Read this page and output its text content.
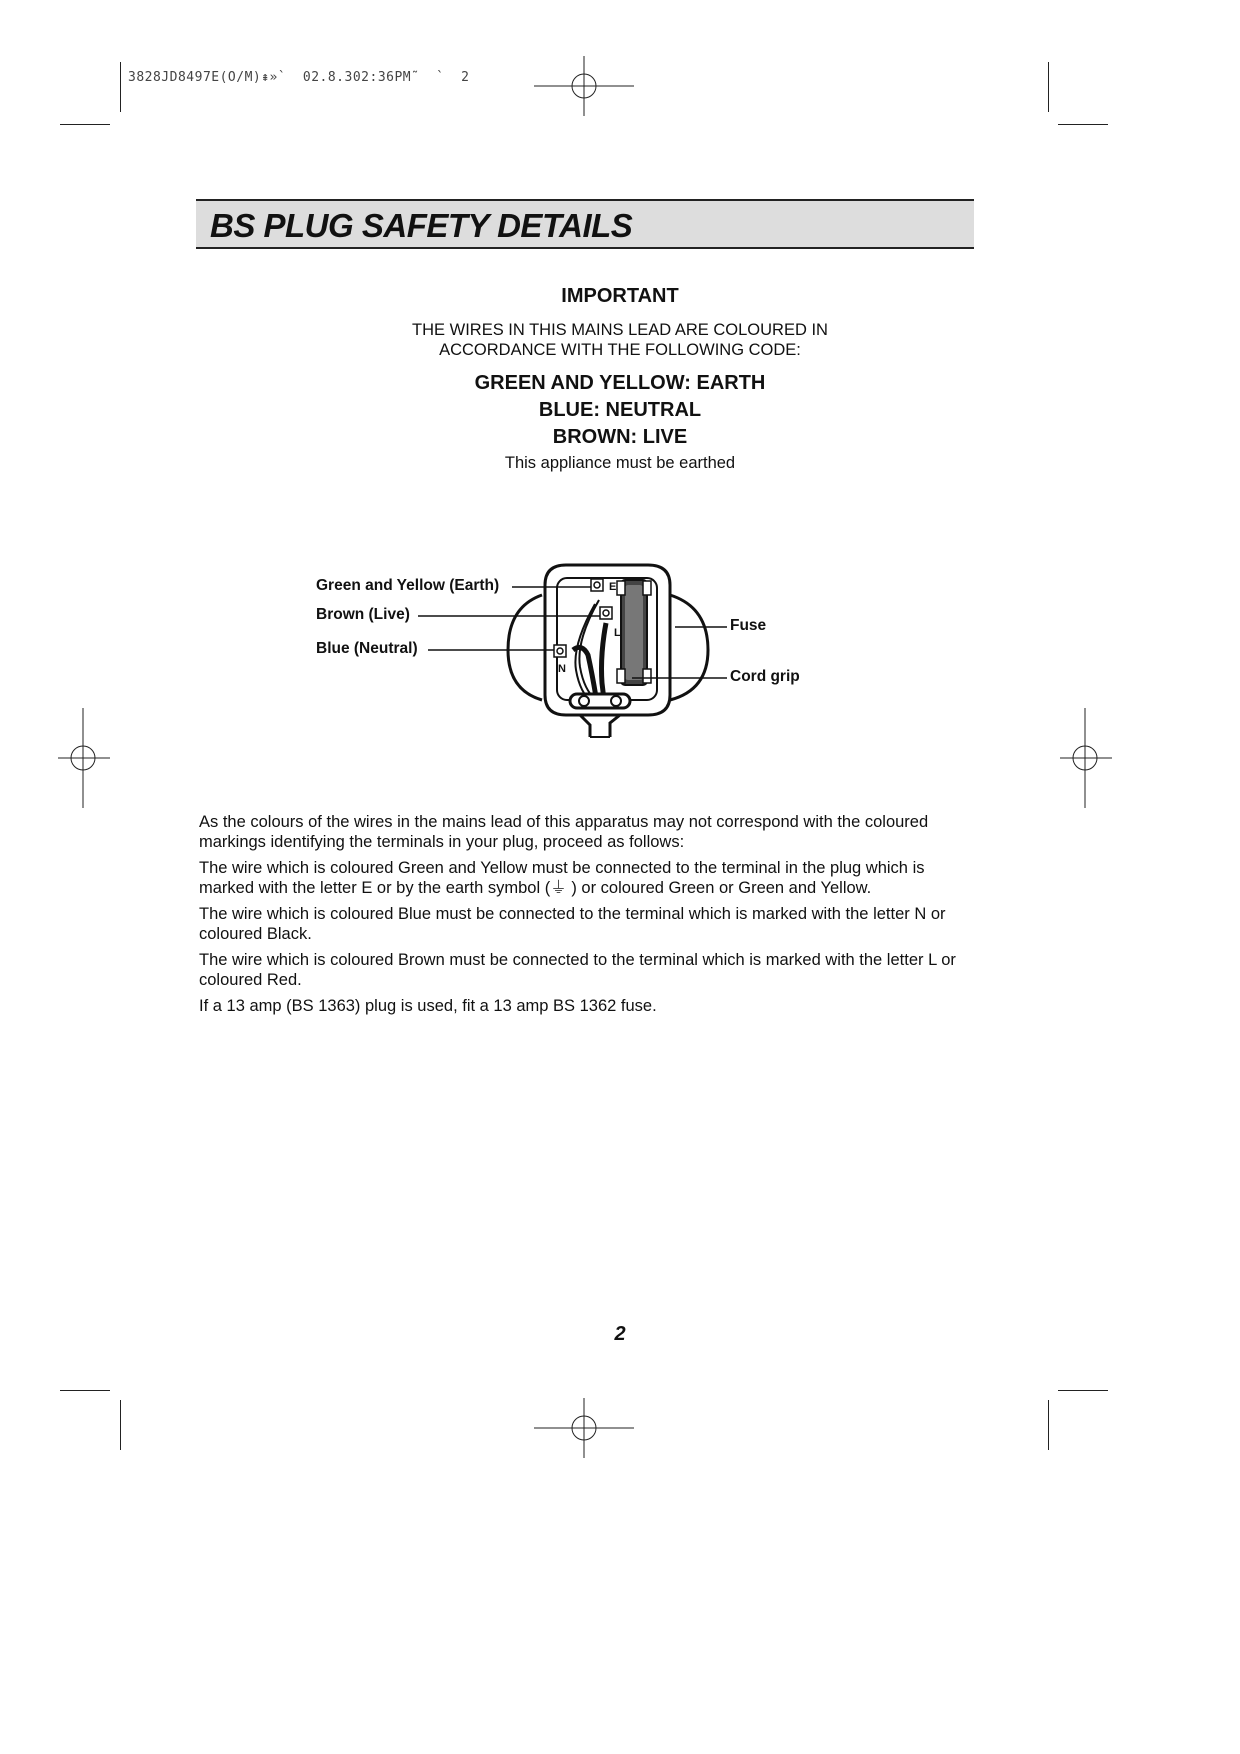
3828JD8497E(O/M)⇞»` 02.8.302:36PM˜  ` 2
BS PLUG SAFETY DETAILS
IMPORTANT
THE WIRES IN THIS MAINS LEAD ARE COLOURED IN
ACCORDANCE WITH THE FOLLOWING CODE:
GREEN AND YELLOW: EARTH
BLUE: NEUTRAL
BROWN: LIVE
This appliance must be earthed
Green and Yellow (Earth)
Brown (Live)
Blue (Neutral)
Fuse
Cord grip
E
L
N

As the colours of the wires in the mains lead of this apparatus may not correspond with the coloured markings identifying the terminals in your plug, proceed as follows:

The wire which is coloured Green and Yellow must be connected to the terminal in the plug which is marked with the letter E or by the earth symbol (⏚ ) or coloured Green or Green and Yellow.

The wire which is coloured Blue must be connected to the terminal which is marked with the letter N or coloured Black.

The wire which is coloured Brown must be connected to the terminal which is marked with the letter L or coloured Red.

If a 13 amp (BS 1363) plug is used, fit a 13 amp BS 1362 fuse.

2
